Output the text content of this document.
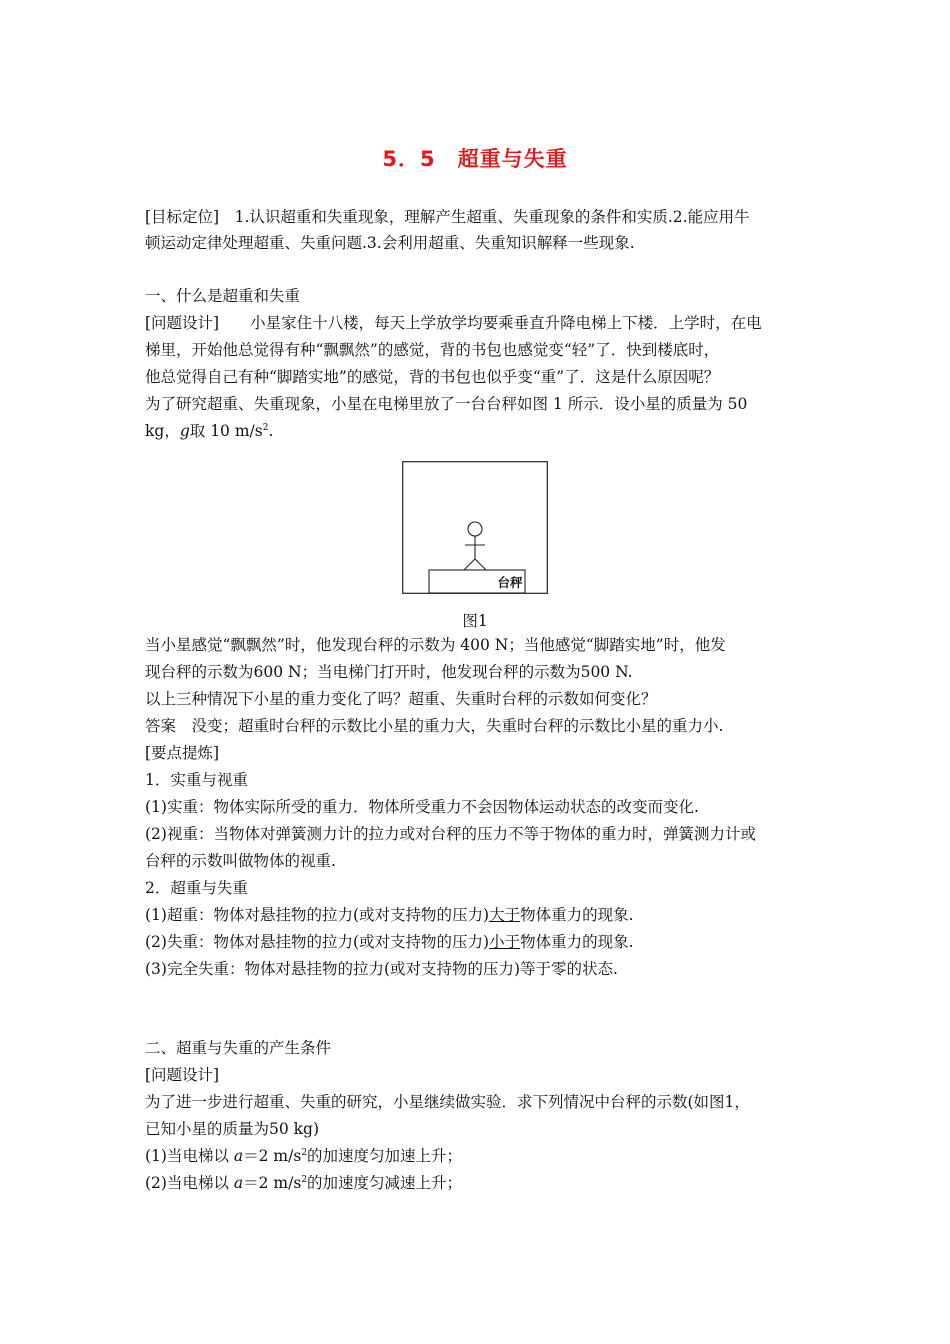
5．5　超重与失重
[目标定位]　1.认识超重和失重现象，理解产生超重、失重现象的条件和实质.2.能应用牛
顿运动定律处理超重、失重问题.3.会利用超重、失重知识解释一些现象.
一、什么是超重和失重
[问题设计]　　小星家住十八楼，每天上学放学均要乘垂直升降电梯上下楼．上学时，在电
梯里，开始他总觉得有种“飘飘然”的感觉，背的书包也感觉变“轻”了．快到楼底时，
他总觉得自己有种“脚踏实地”的感觉，背的书包也似乎变“重”了．这是什么原因呢？
为了研究超重、失重现象，小星在电梯里放了一台台秤如图 1 所示．设小星的质量为 50
kg，g取 10 $m/s^2$.
台秤
图1
当小星感觉“飘飘然”时，他发现台秤的示数为 400 N；当他感觉“脚踏实地”时，他发
现台秤的示数为600 N；当电梯门打开时，他发现台秤的示数为500 N.
以上三种情况下小星的重力变化了吗？超重、失重时台秤的示数如何变化？
答案　没变；超重时台秤的示数比小星的重力大，失重时台秤的示数比小星的重力小.
[要点提炼]
1．实重与视重
(1)实重：物体实际所受的重力．物体所受重力不会因物体运动状态的改变而变化.
(2)视重：当物体对弹簧测力计的拉力或对台秤的压力不等于物体的重力时，弹簧测力计或
台秤的示数叫做物体的视重.
2．超重与失重
(1)超重：物体对悬挂物的拉力(或对支持物的压力)大于物体重力的现象.
(2)失重：物体对悬挂物的拉力(或对支持物的压力)小于物体重力的现象.
(3)完全失重：物体对悬挂物的拉力(或对支持物的压力)等于零的状态.
二、超重与失重的产生条件
[问题设计]
为了进一步进行超重、失重的研究，小星继续做实验．求下列情况中台秤的示数(如图1，
已知小星的质量为50 kg)
(1)当电梯以 a＝2 $m/s^2$的加速度匀加速上升；
(2)当电梯以 a＝2 $m/s^2$的加速度匀减速上升；
